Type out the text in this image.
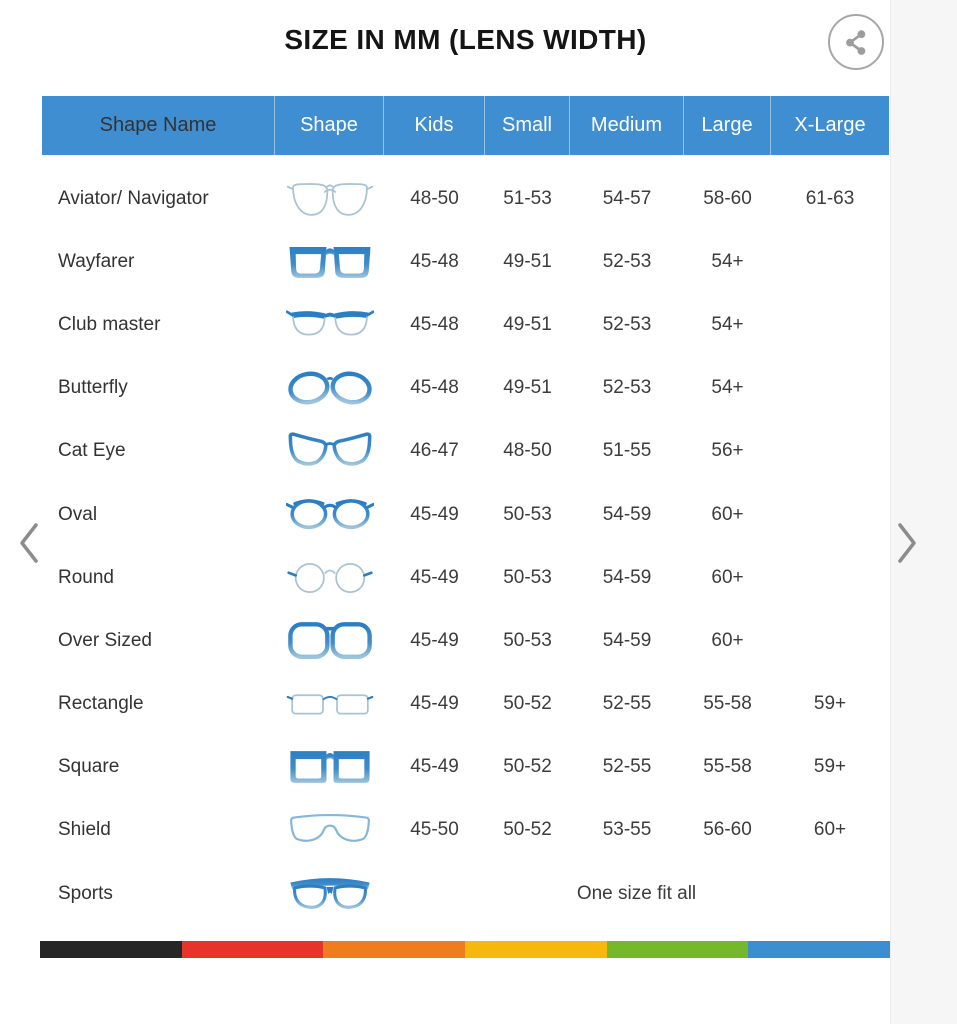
SIZE IN MM (LENS WIDTH)
Shape Name	Shape	Kids	Small	Medium	Large	X-Large
Aviator/ Navigator	48-50	51-53	54-57	58-60	61-63
Wayfarer	45-48	49-51	52-53	54+
Club master	45-48	49-51	52-53	54+
Butterfly	45-48	49-51	52-53	54+
Cat Eye	46-47	48-50	51-55	56+
Oval	45-49	50-53	54-59	60+
Round	45-49	50-53	54-59	60+
Over Sized	45-49	50-53	54-59	60+
Rectangle	45-49	50-52	52-55	55-58	59+
Square	45-49	50-52	52-55	55-58	59+
Shield	45-50	50-52	53-55	56-60	60+
Sports	One size fit all
